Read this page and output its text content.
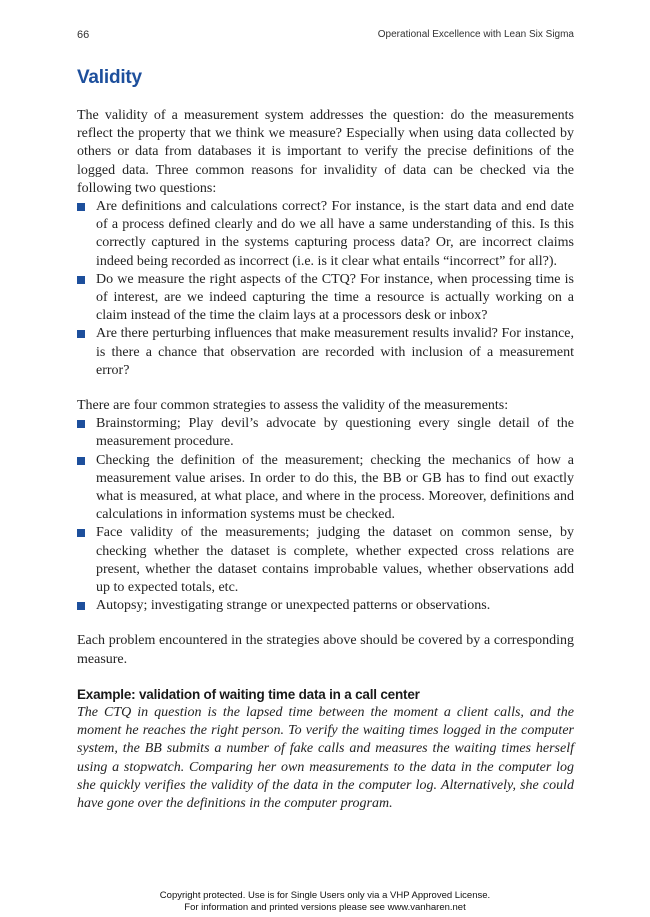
66	Operational Excellence with Lean Six Sigma
Validity

The validity of a measurement system addresses the question: do the measurements reflect the property that we think we measure? Especially when using data collected by others or data from databases it is important to verify the precise definitions of the logged data. Three common reasons for invalidity of data can be checked via the following two questions:

Are definitions and calculations correct? For instance, is the start data and end date of a process defined clearly and do we all have a same understanding of this. Is this correctly captured in the systems capturing process data? Or, are incorrect claims indeed being recorded as incorrect (i.e. is it clear what entails “incorrect” for all?).
Do we measure the right aspects of the CTQ? For instance, when processing time is of interest, are we indeed capturing the time a resource is actually working on a claim instead of the time the claim lays at a processors desk or inbox?
Are there perturbing influences that make measurement results invalid? For instance, is there a chance that observation are recorded with inclusion of a measurement error?

There are four common strategies to assess the validity of the measurements:

Brainstorming; Play devil’s advocate by questioning every single detail of the measurement procedure.
Checking the definition of the measurement; checking the mechanics of how a measurement value arises. In order to do this, the BB or GB has to find out exactly what is measured, at what place, and where in the process. Moreover, definitions and calculations in information systems must be checked.
Face validity of the measurements; judging the dataset on common sense, by checking whether the dataset is complete, whether expected cross relations are present, whether the dataset contains improbable values, whether observations add up to expected totals, etc.
Autopsy; investigating strange or unexpected patterns or observations.

Each problem encountered in the strategies above should be covered by a corresponding measure.

Example: validation of waiting time data in a call center

The CTQ in question is the lapsed time between the moment a client calls, and the moment he reaches the right person. To verify the waiting times logged in the computer system, the BB submits a number of fake calls and measures the waiting times herself using a stopwatch. Comparing her own measurements to the data in the computer log she quickly verifies the validity of the data in the computer log. Alternatively, she could have gone over the definitions in the computer program.

Copyright protected. Use is for Single Users only via a VHP Approved License.
For information and printed versions please see www.vanharen.net
